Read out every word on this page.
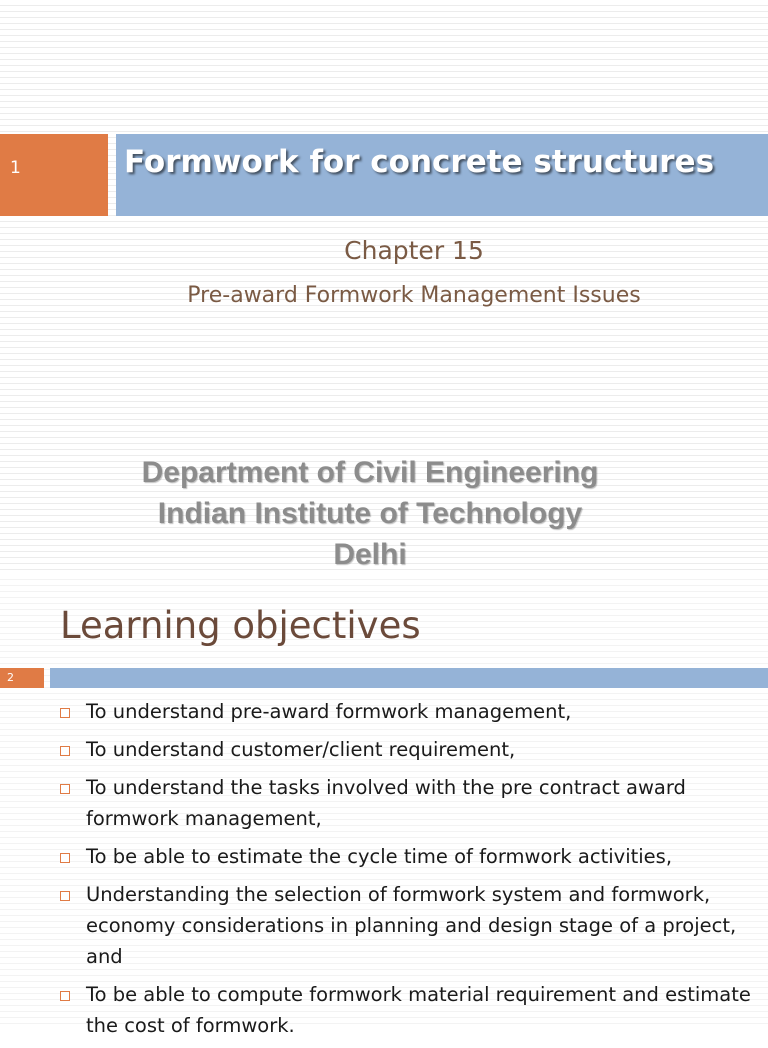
1	Formwork for concrete structures
Chapter 15
Pre-award Formwork Management Issues
Department of Civil Engineering
Indian Institute of Technology
Delhi
Learning objectives
2
To understand pre-award formwork management,
To understand customer/client requirement,
To understand the tasks involved with the pre contract award formwork management,
To be able to estimate the cycle time of formwork activities,
Understanding the selection of formwork system and formwork, economy considerations in planning and design stage of a project, and
To be able to compute formwork material requirement and estimate the cost of formwork.
